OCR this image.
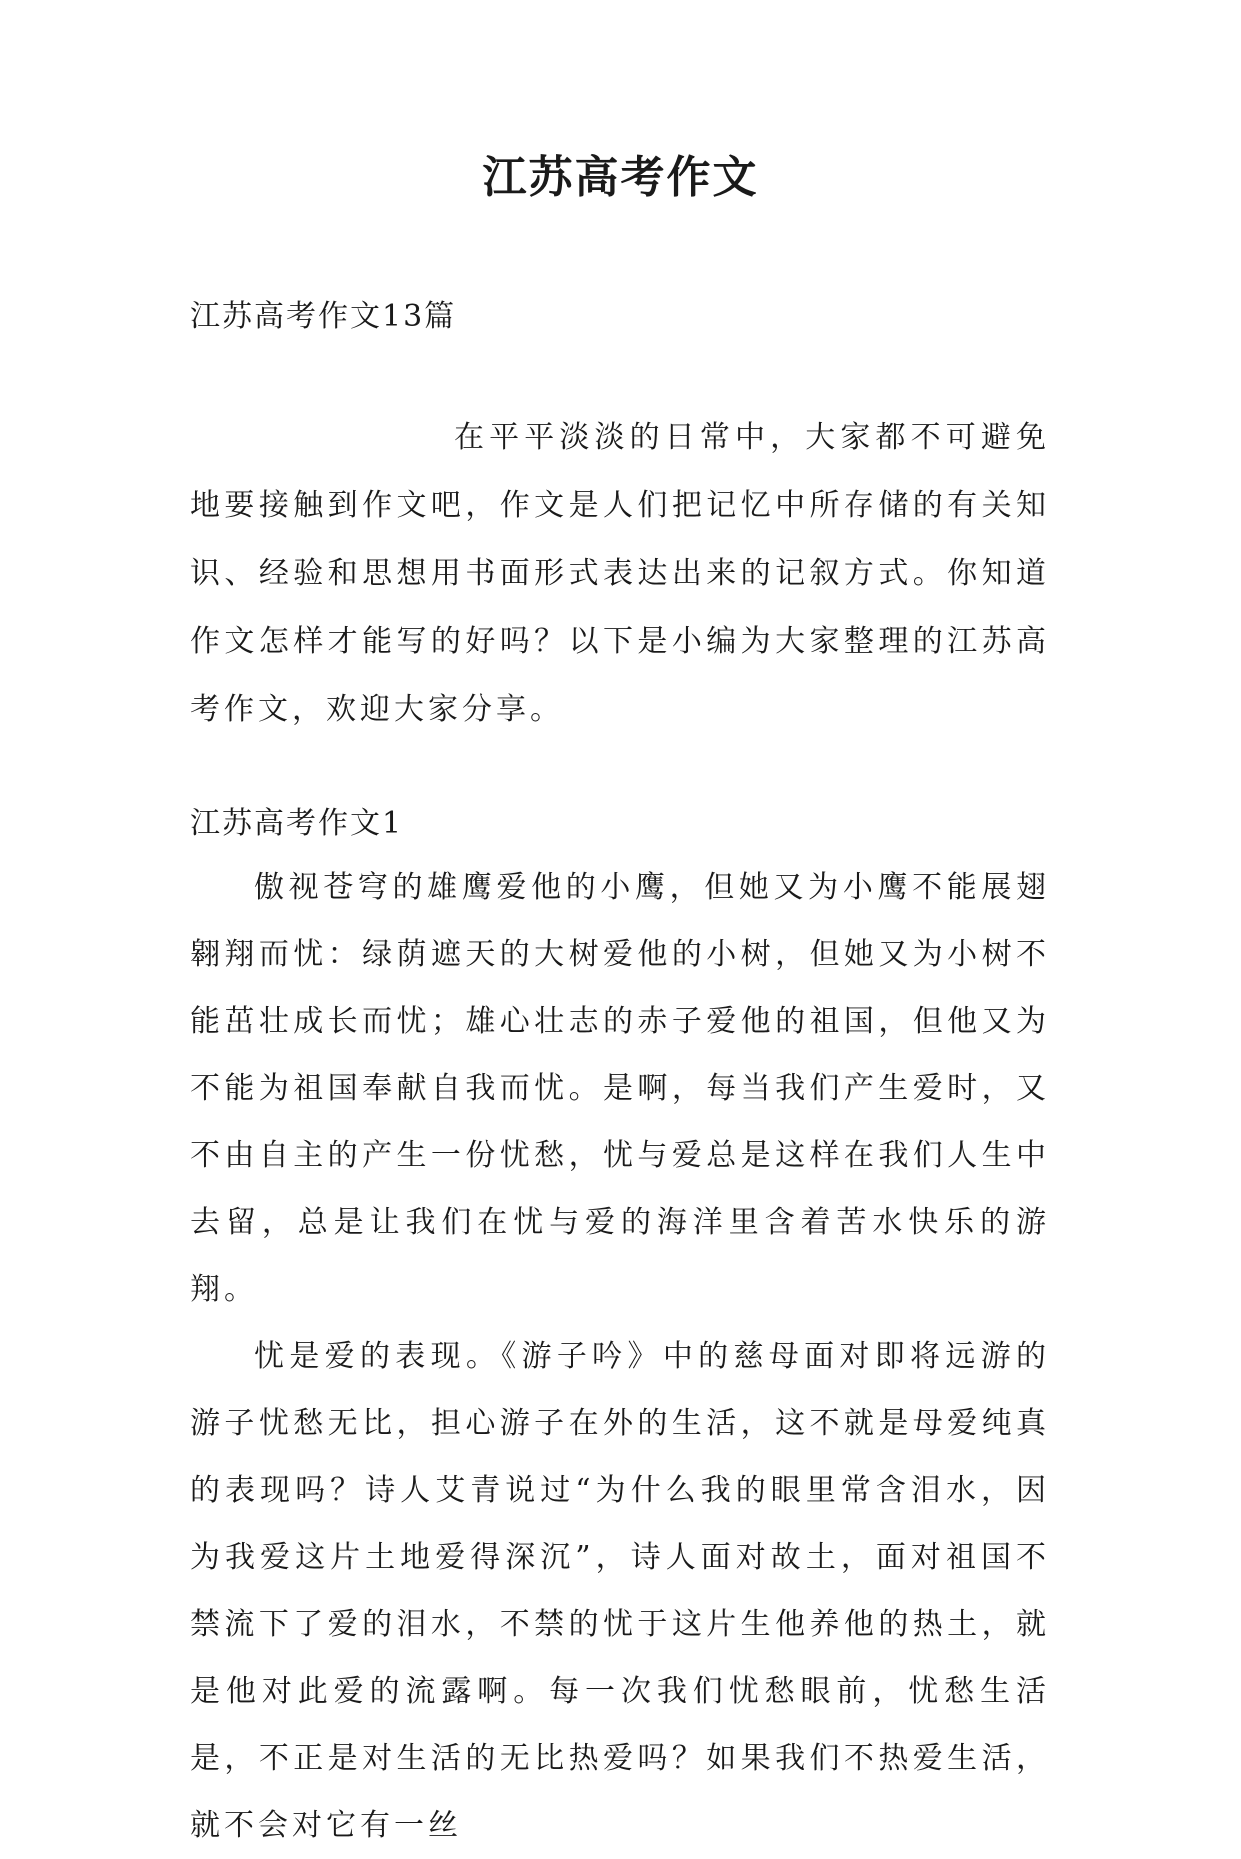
江苏高考作文

江苏高考作文13篇

在平平淡淡的日常中，大家都不可避免地要接触到作文吧，作文是人们把记忆中所存储的有关知识、经验和思想用书面形式表达出来的记叙方式。你知道作文怎样才能写的好吗？以下是小编为大家整理的江苏高考作文，欢迎大家分享。

江苏高考作文1

傲视苍穹的雄鹰爱他的小鹰，但她又为小鹰不能展翅翱翔而忧：绿荫遮天的大树爱他的小树，但她又为小树不能茁壮成长而忧；雄心壮志的赤子爱他的祖国，但他又为不能为祖国奉献自我而忧。是啊，每当我们产生爱时，又不由自主的产生一份忧愁，忧与爱总是这样在我们人生中去留，总是让我们在忧与爱的海洋里含着苦水快乐的游翔。

忧是爱的表现。《游子吟》中的慈母面对即将远游的游子忧愁无比，担心游子在外的生活，这不就是母爱纯真的表现吗？诗人艾青说过“为什么我的眼里常含泪水，因为我爱这片土地爱得深沉”，诗人面对故土，面对祖国不禁流下了爱的泪水，不禁的忧于这片生他养他的热土，就是他对此爱的流露啊。每一次我们忧愁眼前，忧愁生活是，不正是对生活的无比热爱吗？如果我们不热爱生活，就不会对它有一丝
